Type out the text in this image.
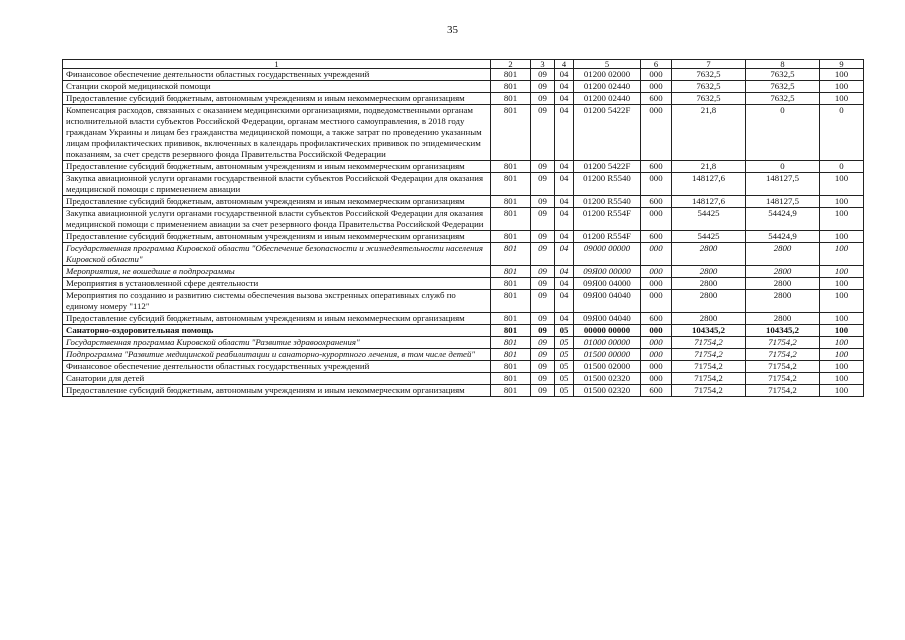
35
1	2	3	4	5	6	7	8	9
Финансовое обеспечение деятельности областных государственных учреждений	801	09	04	01200 02000	000	7632,5	7632,5	100
Станции скорой медицинской помощи	801	09	04	01200 02440	000	7632,5	7632,5	100
Предоставление субсидий бюджетным, автономным учреждениям и иным некоммерческим организациям	801	09	04	01200 02440	600	7632,5	7632,5	100
Компенсация расходов, связанных с оказанием медицинскими организациями, подведомственными органам исполнительной власти субъектов Российской Федерации, органам местного самоуправления, в 2018 году гражданам Украины и лицам без гражданства медицинской помощи, а также затрат по проведению указанным лицам профилактических прививок, включенных в календарь профилактических прививок по эпидемическим показаниям, за счет средств резервного фонда Правительства Российской Федерации	801	09	04	01200 5422F	000	21,8	0	0
Предоставление субсидий бюджетным, автономным учреждениям и иным некоммерческим организациям	801	09	04	01200 5422F	600	21,8	0	0
Закупка авиационной услуги органами государственной власти субъектов Российской Федерации для оказания медицинской помощи с применением авиации	801	09	04	01200 R5540	000	148127,6	148127,5	100
Предоставление субсидий бюджетным, автономным учреждениям и иным некоммерческим организациям	801	09	04	01200 R5540	600	148127,6	148127,5	100
Закупка авиационной услуги органами государственной власти субъектов Российской Федерации для оказания медицинской помощи с применением авиации за счет резервного фонда Правительства Российской Федерации	801	09	04	01200 R554F	000	54425	54424,9	100
Предоставление субсидий бюджетным, автономным учреждениям и иным некоммерческим организациям	801	09	04	01200 R554F	600	54425	54424,9	100
Государственная программа Кировской области "Обеспечение безопасности и жизнедеятельности населения Кировской области"	801	09	04	09000 00000	000	2800	2800	100
Мероприятия, не вошедшие в подпрограммы	801	09	04	09Я00 00000	000	2800	2800	100
Мероприятия в установленной сфере деятельности	801	09	04	09Я00 04000	000	2800	2800	100
Мероприятия по созданию и развитию системы обеспечения вызова экстренных оперативных служб по единому номеру "112"	801	09	04	09Я00 04040	000	2800	2800	100
Предоставление субсидий бюджетным, автономным учреждениям и иным некоммерческим организациям	801	09	04	09Я00 04040	600	2800	2800	100
Санаторно-оздоровительная помощь	801	09	05	00000 00000	000	104345,2	104345,2	100
Государственная программа Кировской области "Развитие здравоохранения"	801	09	05	01000 00000	000	71754,2	71754,2	100
Подпрограмма "Развитие медицинской реабилитации и санаторно-курортного лечения, в том числе детей"	801	09	05	01500 00000	000	71754,2	71754,2	100
Финансовое обеспечение деятельности областных государственных учреждений	801	09	05	01500 02000	000	71754,2	71754,2	100
Санатории для детей	801	09	05	01500 02320	000	71754,2	71754,2	100
Предоставление субсидий бюджетным, автономным учреждениям и иным некоммерческим организациям	801	09	05	01500 02320	600	71754,2	71754,2	100
